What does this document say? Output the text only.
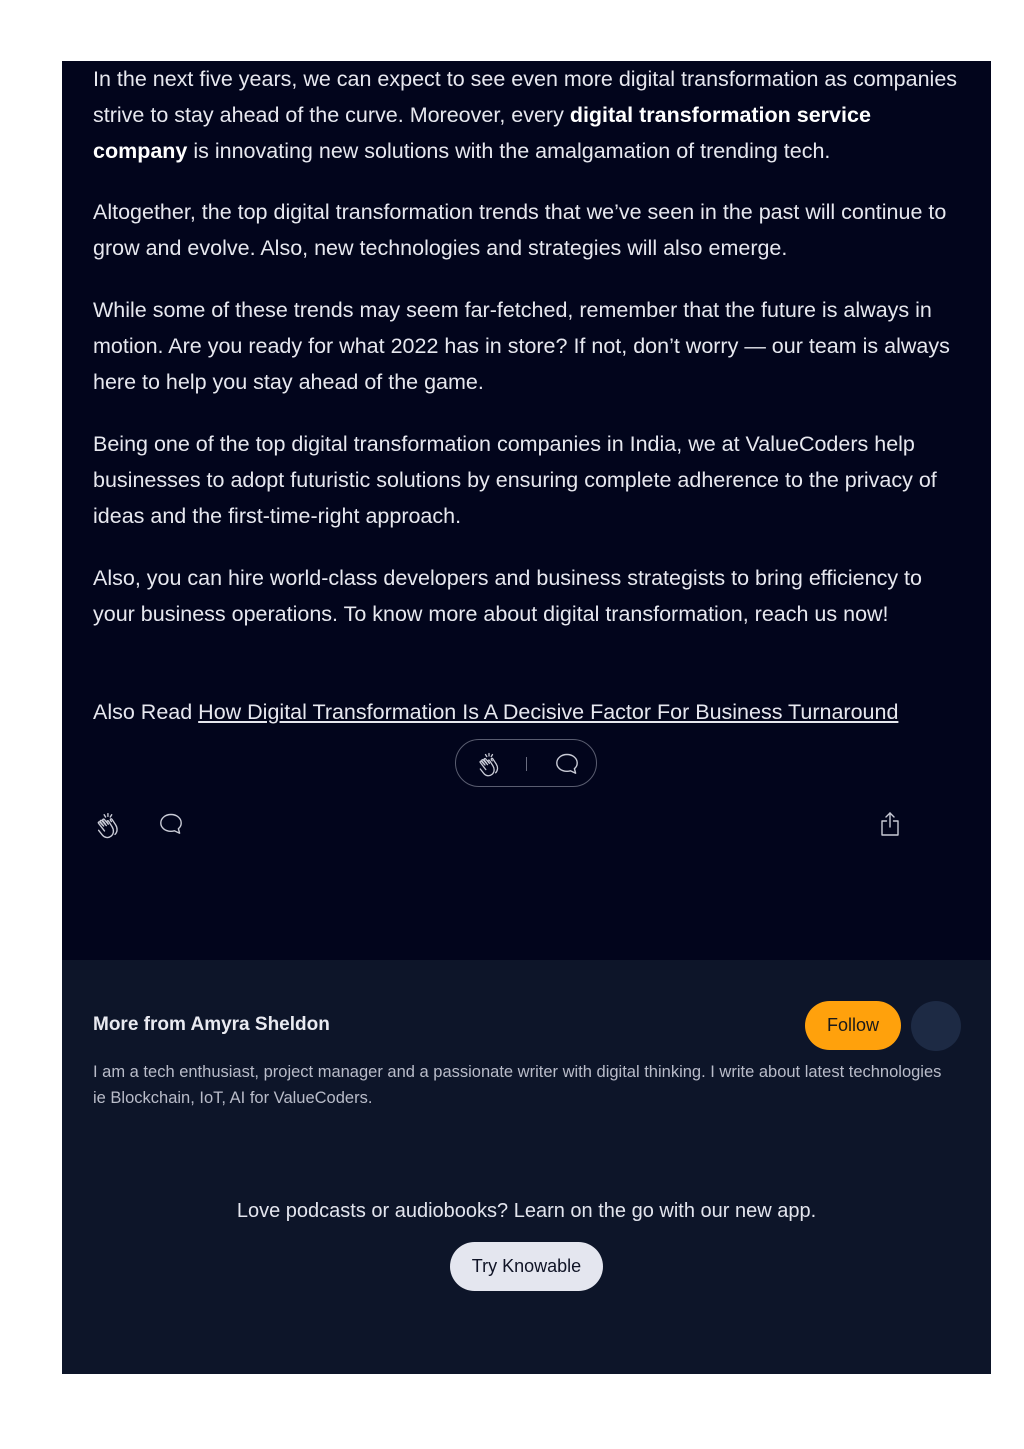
In the next five years, we can expect to see even more digital transformation as companies strive to stay ahead of the curve. Moreover, every digital transformation service company is innovating new solutions with the amalgamation of trending tech.

Altogether, the top digital transformation trends that we’ve seen in the past will continue to grow and evolve. Also, new technologies and strategies will also emerge.

While some of these trends may seem far-fetched, remember that the future is always in motion. Are you ready for what 2022 has in store? If not, don’t worry — our team is always here to help you stay ahead of the game.

Being one of the top digital transformation companies in India, we at ValueCoders help businesses to adopt futuristic solutions by ensuring complete adherence to the privacy of ideas and the first-time-right approach.

Also, you can hire world-class developers and business strategists to bring efficiency to your business operations. To know more about digital transformation, reach us now!

Also Read How Digital Transformation Is A Decisive Factor For Business Turnaround

More from Amyra Sheldon	Follow

I am a tech enthusiast, project manager and a passionate writer with digital thinking. I write about latest technologies ie Blockchain, IoT, AI for ValueCoders.

Love podcasts or audiobooks? Learn on the go with our new app.

Try Knowable
